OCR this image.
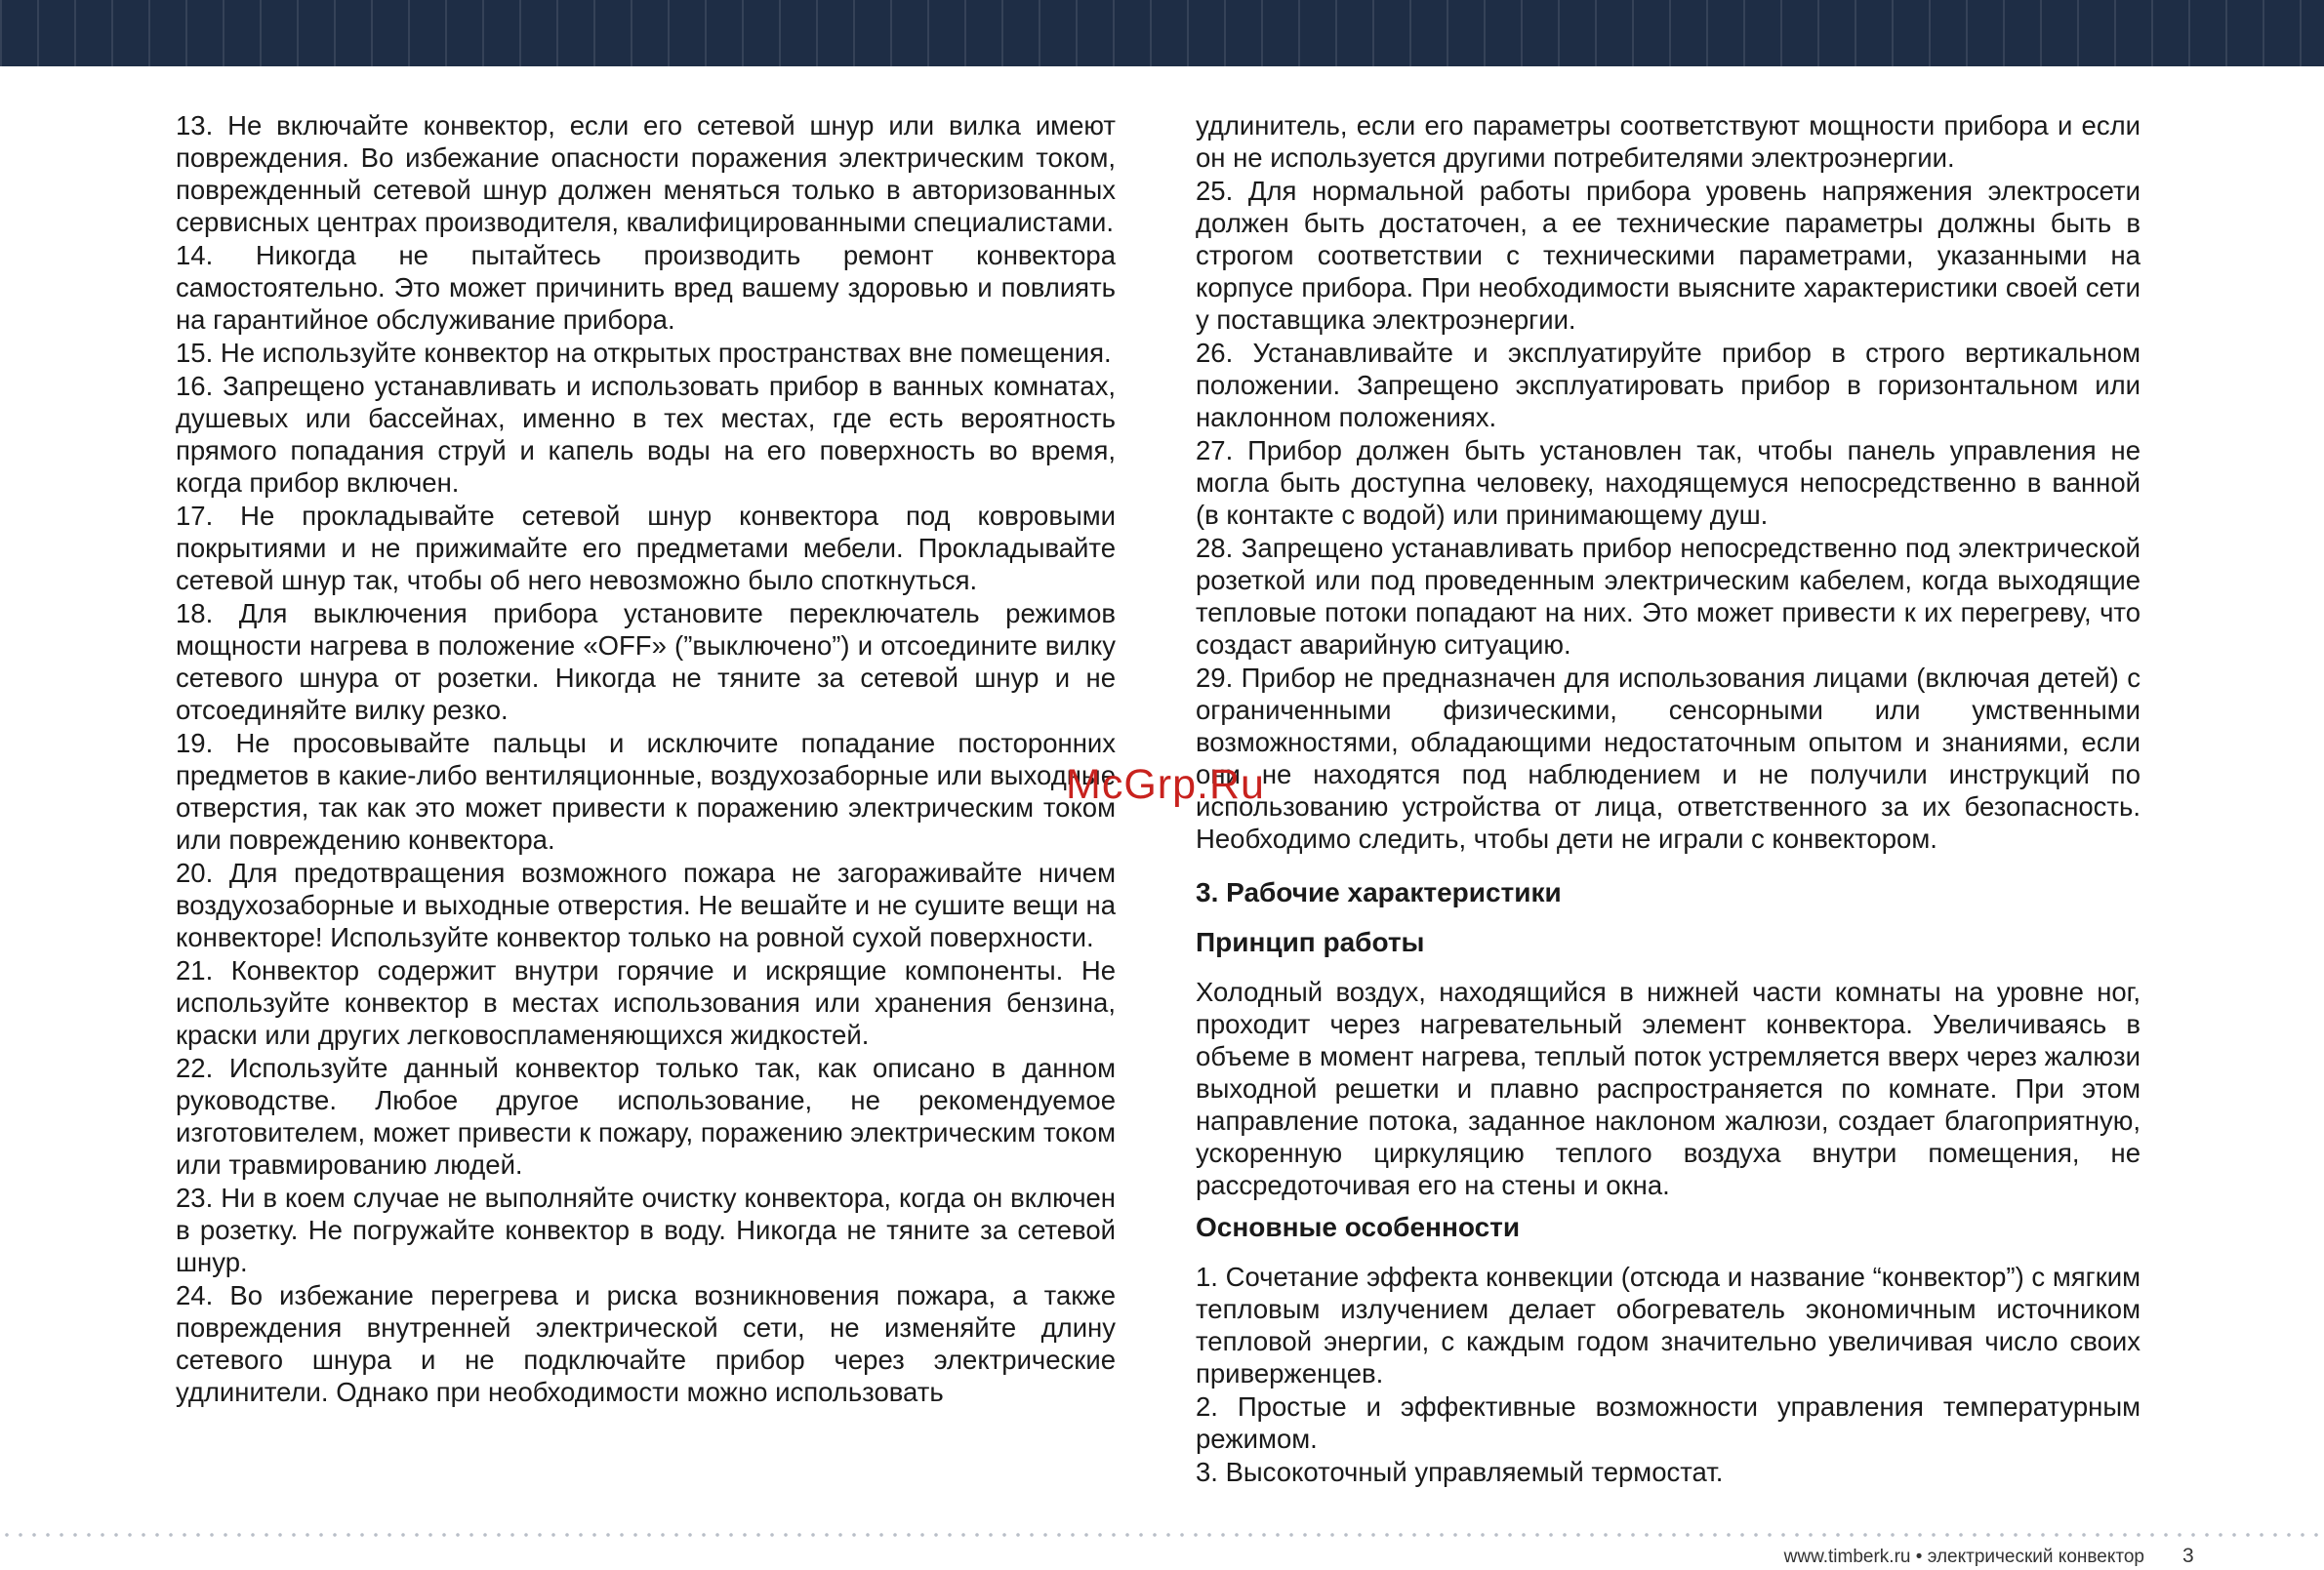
13. Не включайте конвектор, если его сетевой шнур или вилка имеют повреждения. Во избежание опасности поражения электрическим током, поврежденный сетевой шнур должен меняться только в авторизованных сервисных центрах производителя, квалифицированными специалистами.

14. Никогда не пытайтесь производить ремонт конвектора самостоятельно. Это может причинить вред вашему здоровью и повлиять на гарантийное обслуживание прибора.

15. Не используйте конвектор на открытых пространствах вне помещения.

16. Запрещено устанавливать и использовать прибор в ванных комнатах, душевых или бассейнах, именно в тех местах, где есть вероятность прямого попадания струй и капель воды на его поверхность во время, когда прибор включен.

17. Не прокладывайте сетевой шнур конвектора под ковровыми покрытиями и не прижимайте его предметами мебели. Прокладывайте сетевой шнур так, чтобы об него невозможно было споткнуться.

18. Для выключения прибора установите переключатель режимов мощности нагрева в положение «OFF» (”выключено”) и отсоедините вилку сетевого шнура от розетки. Никогда не тяните за сетевой шнур и не отсоединяйте вилку резко.

19. Не просовывайте пальцы и исключите попадание посторонних предметов в какие-либо вентиляционные, воздухозаборные или выходные отверстия, так как это может привести к поражению электрическим током или повреждению конвектора.

20. Для предотвращения возможного пожара не загораживайте ничем воздухозаборные и выходные отверстия. Не вешайте и не сушите вещи на конвекторе! Используйте конвектор только на ровной сухой поверхности.

21. Конвектор содержит внутри горячие и искрящие компоненты. Не используйте конвектор в местах использования или хранения бензина, краски или других легковоспламеняющихся жидкостей.

22. Используйте данный конвектор только так, как описано в данном руководстве. Любое другое использование, не рекомендуемое изготовителем, может привести к пожару, поражению электрическим током или травмированию людей.

23. Ни в коем случае не выполняйте очистку конвектора, когда он включен в розетку. Не погружайте конвектор в воду. Никогда не тяните за сетевой шнур.

24. Во избежание перегрева и риска возникновения пожара, а также повреждения внутренней электрической сети, не изменяйте длину сетевого шнура и не подключайте прибор через электрические удлинители. Однако при необходимости можно использовать

удлинитель, если его параметры соответствуют мощности прибора и если он не используется другими потребителями электроэнергии.

25. Для нормальной работы прибора уровень напряжения электросети должен быть достаточен, а ее технические параметры должны быть в строгом соответствии с техническими параметрами, указанными на корпусе прибора. При необходимости выясните характеристики своей сети у поставщика электроэнергии.

26. Устанавливайте и эксплуатируйте прибор в строго вертикальном положении. Запрещено эксплуатировать прибор в горизонтальном или наклонном положениях.

27. Прибор должен быть установлен так, чтобы панель управления не могла быть доступна человеку, находящемуся непосредственно в ванной (в контакте с водой) или принимающему душ.

28. Запрещено устанавливать прибор непосредственно под электрической розеткой или под проведенным электрическим кабелем, когда выходящие тепловые потоки попадают на них. Это может привести к их перегреву, что создаст аварийную ситуацию.

29. Прибор не предназначен для использования лицами (включая детей) с ограниченными физическими, сенсорными или умственными возможностями, обладающими недостаточным опытом и знаниями, если они не находятся под наблюдением и не получили инструкций по использованию устройства от лица, ответственного за их безопасность. Необходимо следить, чтобы дети не играли с конвектором.

3. Рабочие характеристики
Принцип работы

Холодный воздух, находящийся в нижней части комнаты на уровне ног, проходит через нагревательный элемент конвектора. Увеличиваясь в объеме в момент нагрева, теплый поток устремляется вверх через жалюзи выходной решетки и плавно распространяется по комнате. При этом направление потока, заданное наклоном жалюзи, создает благоприятную, ускоренную циркуляцию теплого воздуха внутри помещения, не рассредоточивая его на стены и окна.

Основные особенности

1. Сочетание эффекта конвекции (отсюда и название “конвектор”) с мягким тепловым излучением делает обогреватель экономичным источником тепловой энергии, с каждым годом значительно увеличивая число своих приверженцев.

2. Простые и эффективные возможности управления температурным режимом.

3. Высокоточный управляемый термостат.

McGrp.Ru
www.timberk.ru • электрический конвектор 3
